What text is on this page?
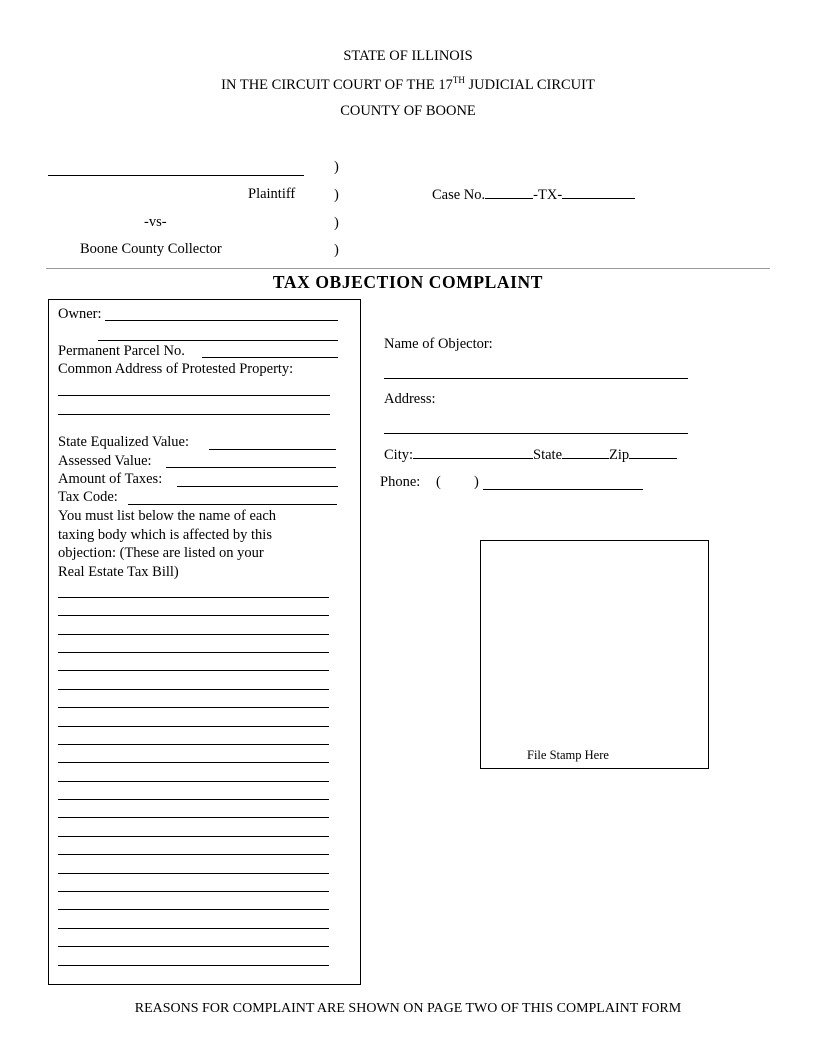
STATE OF ILLINOIS
IN THE CIRCUIT COURT OF THE 17TH JUDICIAL CIRCUIT
COUNTY OF BOONE
)
Plaintiff	)	Case No.	-TX-
-vs-	)
Boone County Collector	)
TAX OBJECTION COMPLAINT
Owner:
Permanent Parcel No.
Common Address of Protested Property:
State Equalized Value:
Assessed Value:
Amount of Taxes:
Tax Code:
You must list below the name of each
taxing body which is affected by this
objection: (These are listed on your
Real Estate Tax Bill)
Name of Objector:
Address:
City:	State	Zip
Phone: ( )
File Stamp Here
REASONS FOR COMPLAINT ARE SHOWN ON PAGE TWO OF THIS COMPLAINT FORM
